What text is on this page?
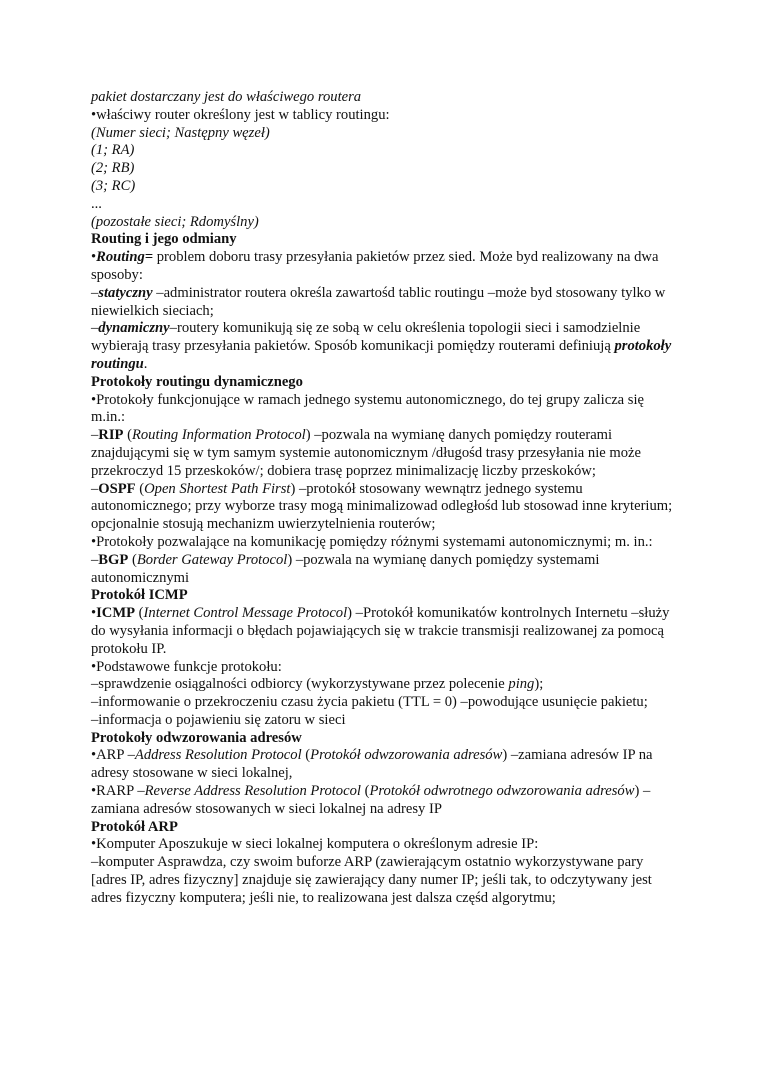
pakiet dostarczany jest do właściwego routera

•właściwy router określony jest w tablicy routingu:

(Numer sieci; Następny węzeł)

(1; RA)

(2; RB)

(3; RC)

...

(pozostałe sieci; Rdomyślny)

Routing i jego odmiany

•Routing= problem doboru trasy przesyłania pakietów przez sied. Może byd realizowany na dwa sposoby:

–statyczny –administrator routera określa zawartośd tablic routingu –może byd stosowany tylko w niewielkich sieciach;

–dynamiczny–routery komunikują się ze sobą w celu określenia topologii sieci i samodzielnie wybierają trasy przesyłania pakietów. Sposób komunikacji pomiędzy routerami definiują protokoły routingu.

Protokoły routingu dynamicznego

•Protokoły funkcjonujące w ramach jednego systemu autonomicznego, do tej grupy zalicza się m.in.:

–RIP (Routing Information Protocol) –pozwala na wymianę danych pomiędzy routerami znajdującymi się w tym samym systemie autonomicznym /długośd trasy przesyłania nie może przekroczyd 15 przeskoków/; dobiera trasę poprzez minimalizację liczby przeskoków;

–OSPF (Open Shortest Path First) –protokół stosowany wewnątrz jednego systemu autonomicznego; przy wyborze trasy mogą minimalizowad odległośd lub stosowad inne kryterium; opcjonalnie stosują mechanizm uwierzytelnienia routerów;

•Protokoły pozwalające na komunikację pomiędzy różnymi systemami autonomicznymi; m. in.:

–BGP (Border Gateway Protocol) –pozwala na wymianę danych pomiędzy systemami autonomicznymi

Protokół ICMP

•ICMP (Internet Control Message Protocol) –Protokół komunikatów kontrolnych Internetu –służy do wysyłania informacji o błędach pojawiających się w trakcie transmisji realizowanej za pomocą protokołu IP.

•Podstawowe funkcje protokołu:

–sprawdzenie osiągalności odbiorcy (wykorzystywane przez polecenie ping);

–informowanie o przekroczeniu czasu życia pakietu (TTL = 0) –powodujące usunięcie pakietu;

–informacja o pojawieniu się zatoru w sieci

Protokoły odwzorowania adresów

•ARP –Address Resolution Protocol (Protokół odwzorowania adresów) –zamiana adresów IP na adresy stosowane w sieci lokalnej,

•RARP –Reverse Address Resolution Protocol (Protokół odwrotnego odwzorowania adresów) –zamiana adresów stosowanych w sieci lokalnej na adresy IP

Protokół ARP

•Komputer Aposzukuje w sieci lokalnej komputera o określonym adresie IP:

–komputer Asprawdza, czy swoim buforze ARP (zawierającym ostatnio wykorzystywane pary [adres IP, adres fizyczny] znajduje się zawierający dany numer IP; jeśli tak, to odczytywany jest adres fizyczny komputera; jeśli nie, to realizowana jest dalsza częśd algorytmu;
